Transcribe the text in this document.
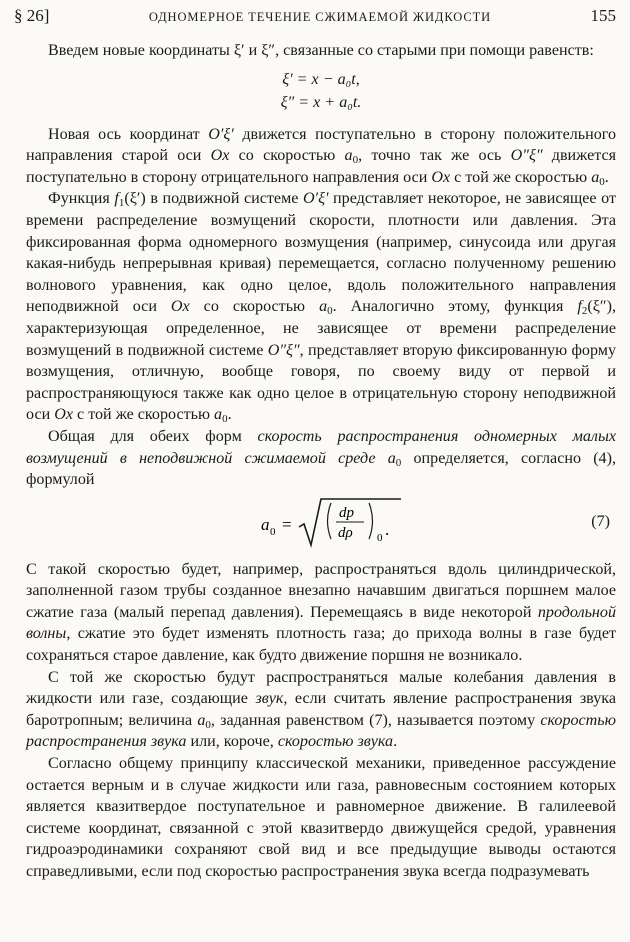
§ 26]	ОДНОМЕРНОЕ ТЕЧЕНИЕ СЖИМАЕМОЙ ЖИДКОСТИ	155

Введем новые координаты ξ′ и ξ″, связанные со старыми при помощи равенств:

ξ′ = x − a₀t,
ξ″ = x + a₀t.

Новая ось координат O′ξ′ движется поступательно в сторону положительного направления старой оси Ox со скоростью $a_0$, точно так же ось O″ξ″ движется поступательно в сторону отрицательного направления оси Ox с той же скоростью $a_0$.

Функция $f_1(\xi')$ в подвижной системе O′ξ′ представляет некоторое, не зависящее от времени распределение возмущений скорости, плотности или давления. Эта фиксированная форма одномерного возмущения (например, синусоида или другая какая-нибудь непрерывная кривая) перемещается, согласно полученному решению волнового уравнения, как одно целое, вдоль положительного направления неподвижной оси Ox со скоростью $a_0$. Аналогично этому, функция $f_2(\xi'')$, характеризующая определенное, не зависящее от времени распределение возмущений в подвижной системе O″ξ″, представляет вторую фиксированную форму возмущения, отличную, вообще говоря, по своему виду от первой и распространяющуюся также как одно целое в отрицательную сторону неподвижной оси Ox с той же скоростью $a_0$.

Общая для обеих форм скорость распространения одномерных малых возмущений в неподвижной сжимаемой среде $a_0$ определяется, согласно (4), формулой

a 0 =
dp
dρ 0 .	(7)

С такой скоростью будет, например, распространяться вдоль цилиндрической, заполненной газом трубы созданное внезапно начавшим двигаться поршнем малое сжатие газа (малый перепад давления). Перемещаясь в виде некоторой продольной волны, сжатие это будет изменять плотность газа; до прихода волны в газе будет сохраняться старое давление, как будто движение поршня не возникало.

С той же скоростью будут распространяться малые колебания давления в жидкости или газе, создающие звук, если считать явление распространения звука баротропным; величина $a_0$, заданная равенством (7), называется поэтому скоростью распространения звука или, короче, скоростью звука.

Согласно общему принципу классической механики, приведенное рассуждение остается верным и в случае жидкости или газа, равновесным состоянием которых является квазитвердое поступательное и равномерное движение. В галилеевой системе координат, связанной с этой квазитвердо движущейся средой, уравнения гидроаэродинамики сохраняют свой вид и все предыдущие выводы остаются справедливыми, если под скоростью распространения звука всегда подразумевать
